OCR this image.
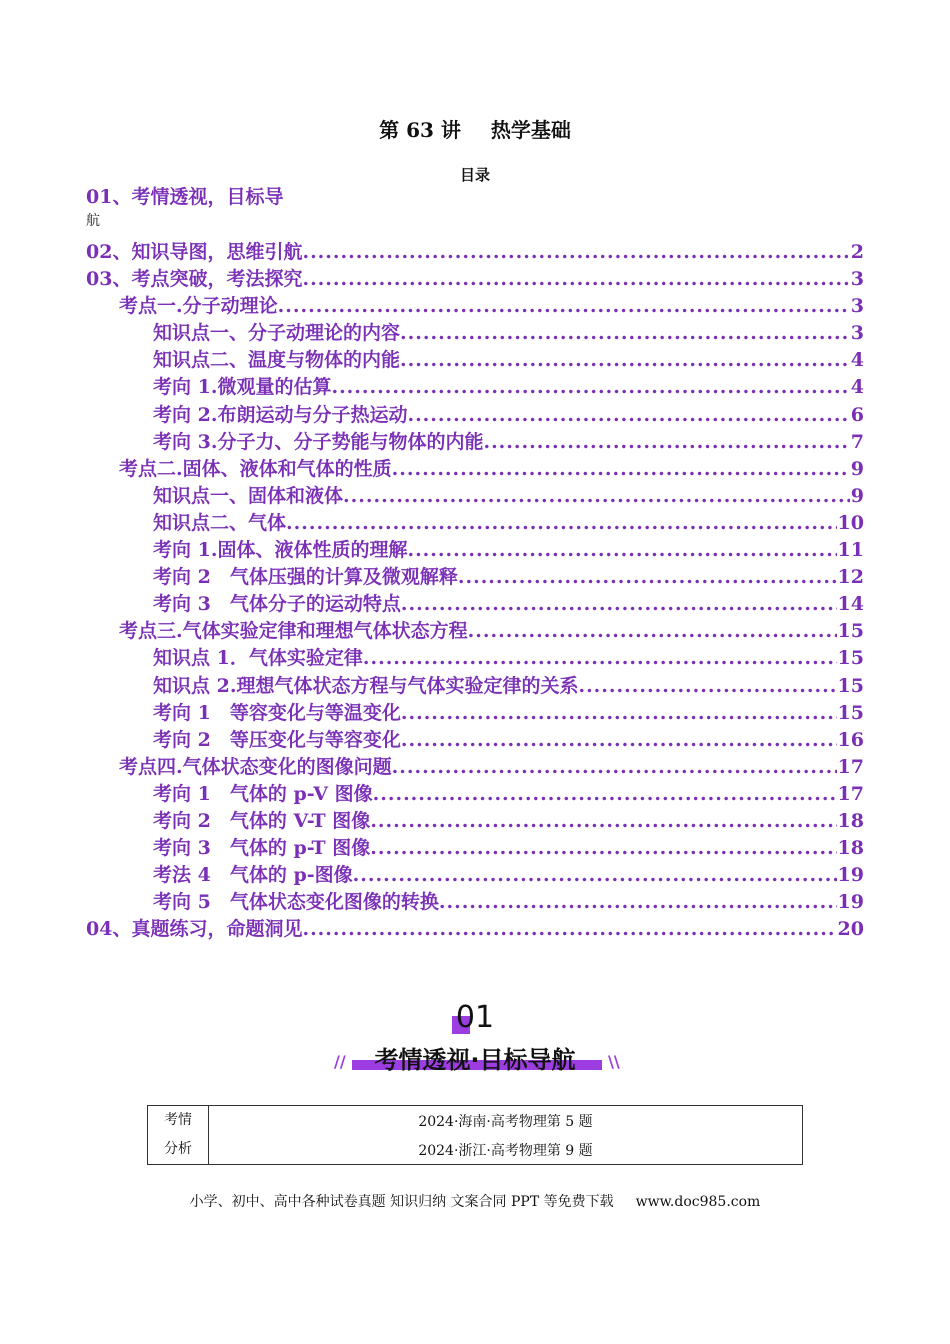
第 63 讲 热学基础
目录
01、考情透视，目标导
航
02、知识导图，思维引航 .....	2
03、考点突破，考法探究 .....	3
考点一.分子动理论 .....	3
知识点一、分子动理论的内容 .....	3
知识点二、温度与物体的内能 .....	4
考向 1.微观量的估算 .....	4
考向 2.布朗运动与分子热运动 .....	6
考向 3.分子力、分子势能与物体的内能 .....	7
考点二.固体、液体和气体的性质 .....	9
知识点一、固体和液体 .....	9
知识点二、气体 .....	10
考向 1.固体、液体性质的理解 .....	11
考向 2　气体压强的计算及微观解释 .....	12
考向 3　气体分子的运动特点 .....	14
考点三.气体实验定律和理想气体状态方程 .....	15
知识点 1．气体实验定律 .....	15
知识点 2.理想气体状态方程与气体实验定律的关系 .....	15
考向 1　等容变化与等温变化 .....	15
考向 2　等压变化与等容变化 .....	16
考点四.气体状态变化的图像问题 .....	17
考向 1　气体的 p-V 图像 .....	17
考向 2　气体的 V-T 图像 .....	18
考向 3　气体的 p-T 图像 .....	18
考法 4　气体的 p-图像 .....	19
考向 5　气体状态变化图像的转换 .....	19
04、真题练习，命题洞见 .....	20
01
考情透视·目标导航
//	\\
考情	2024·海南·高考物理第 5 题
分析	2024·浙江·高考物理第 9 题
小学、初中、高中各种试卷真题 知识归纳 文案合同 PPT 等免费下载 www.doc985.com
